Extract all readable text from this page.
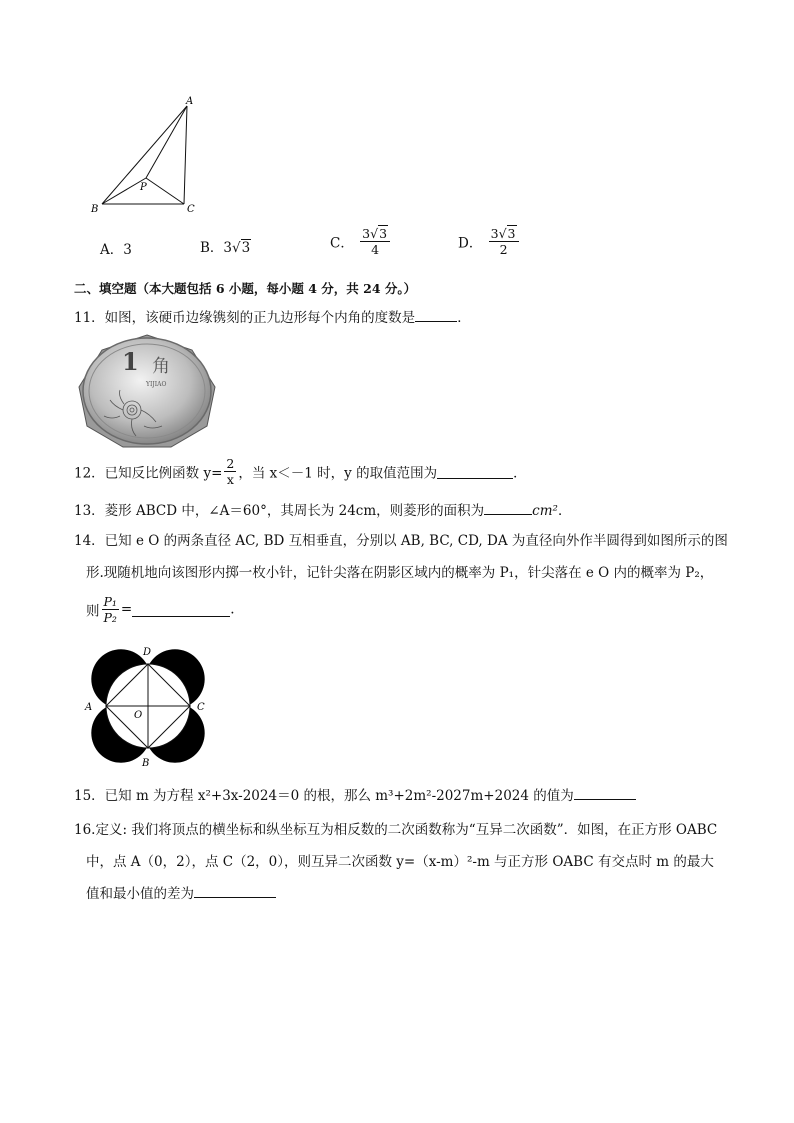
A
B	C
P
A．3	B．3√3	C． $\frac{3√3}{4}$	D． $\frac{3√3}{2}$
二、填空题（本大题包括 6 小题，每小题 4 分，共 24 分。）
11．如图，该硬币边缘镌刻的正九边形每个内角的度数是	．
1 角
YIJIAO
12．已知反比例函数 $y= \frac{2}{x}$ ，当 x＜－1 时，y 的取值范围为	．
13．菱形 ABCD 中，∠A＝60°，其周长为 24cm，则菱形的面积为	cm²．
14．已知 e O 的两条直径 AC, BD 互相垂直，分别以 AB, BC, CD, DA 为直径向外作半圆得到如图所示的图
形.现随机地向该图形内掷一枚小针，记针尖落在阴影区域内的概率为 P₁，针尖落在 e O 内的概率为 P₂，
则 $\frac{\text{P₁}}{\text{P₂}}$ =	.
D
A
O
C
B
15．已知 m 为方程 x²+3x-2024＝0 的根，那么 m³+2m²-2027m+2024 的值为
16.定义: 我们将顶点的横坐标和纵坐标互为相反数的二次函数称为“互异二次函数”．如图，在正方形 OABC
中，点 A（0，2），点 C（2，0），则互异二次函数 y=（x-m）²-m 与正方形 OABC 有交点时 m 的最大
值和最小值的差为
